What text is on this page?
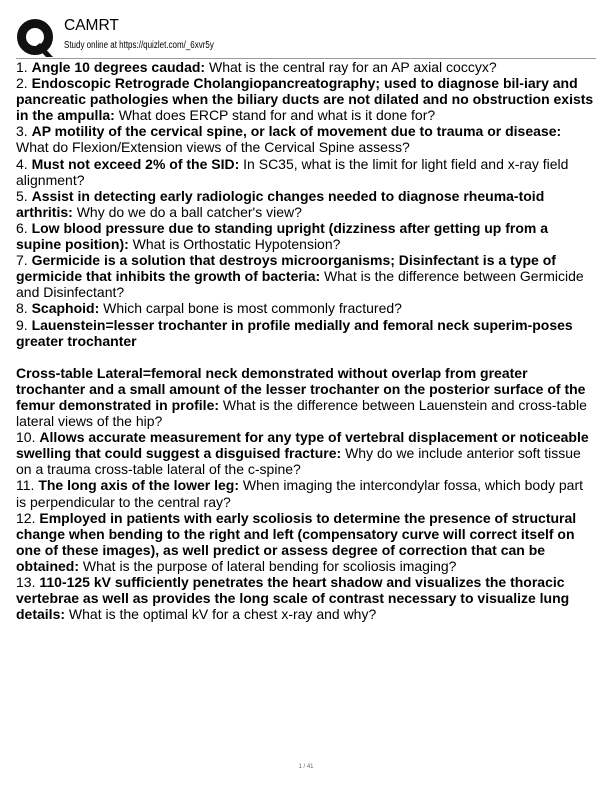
CAMRT
Study online at https://quizlet.com/_6xvr5y

1. Angle 10 degrees caudad: What is the central ray for an AP axial coccyx?

2. Endoscopic Retrograde Cholangiopancreatography; used to diagnose bil-iary and pancreatic pathologies when the biliary ducts are not dilated and no obstruction exists in the ampulla: What does ERCP stand for and what is it done for?

3. AP motility of the cervical spine, or lack of movement due to trauma or disease: What do Flexion/Extension views of the Cervical Spine assess?

4. Must not exceed 2% of the SID: In SC35, what is the limit for light field and x-ray field alignment?

5. Assist in detecting early radiologic changes needed to diagnose rheuma-toid arthritis: Why do we do a ball catcher's view?

6. Low blood pressure due to standing upright (dizziness after getting up from a supine position): What is Orthostatic Hypotension?

7. Germicide is a solution that destroys microorganisms; Disinfectant is a type of germicide that inhibits the growth of bacteria: What is the difference between Germicide and Disinfectant?

8. Scaphoid: Which carpal bone is most commonly fractured?

9. Lauenstein=lesser trochanter in profile medially and femoral neck superim-poses greater trochanter

Cross-table Lateral=femoral neck demonstrated without overlap from greater trochanter and a small amount of the lesser trochanter on the posterior surface of the femur demonstrated in profile: What is the difference between Lauenstein and cross-table lateral views of the hip?

10. Allows accurate measurement for any type of vertebral displacement or noticeable swelling that could suggest a disguised fracture: Why do we include anterior soft tissue on a trauma cross-table lateral of the c-spine?

11. The long axis of the lower leg: When imaging the intercondylar fossa, which body part is perpendicular to the central ray?

12. Employed in patients with early scoliosis to determine the presence of structural change when bending to the right and left (compensatory curve will correct itself on one of these images), as well predict or assess degree of correction that can be obtained: What is the purpose of lateral bending for scoliosis imaging?

13. 110-125 kV sufficiently penetrates the heart shadow and visualizes the thoracic vertebrae as well as provides the long scale of contrast necessary to visualize lung details: What is the optimal kV for a chest x-ray and why?

1 / 41
